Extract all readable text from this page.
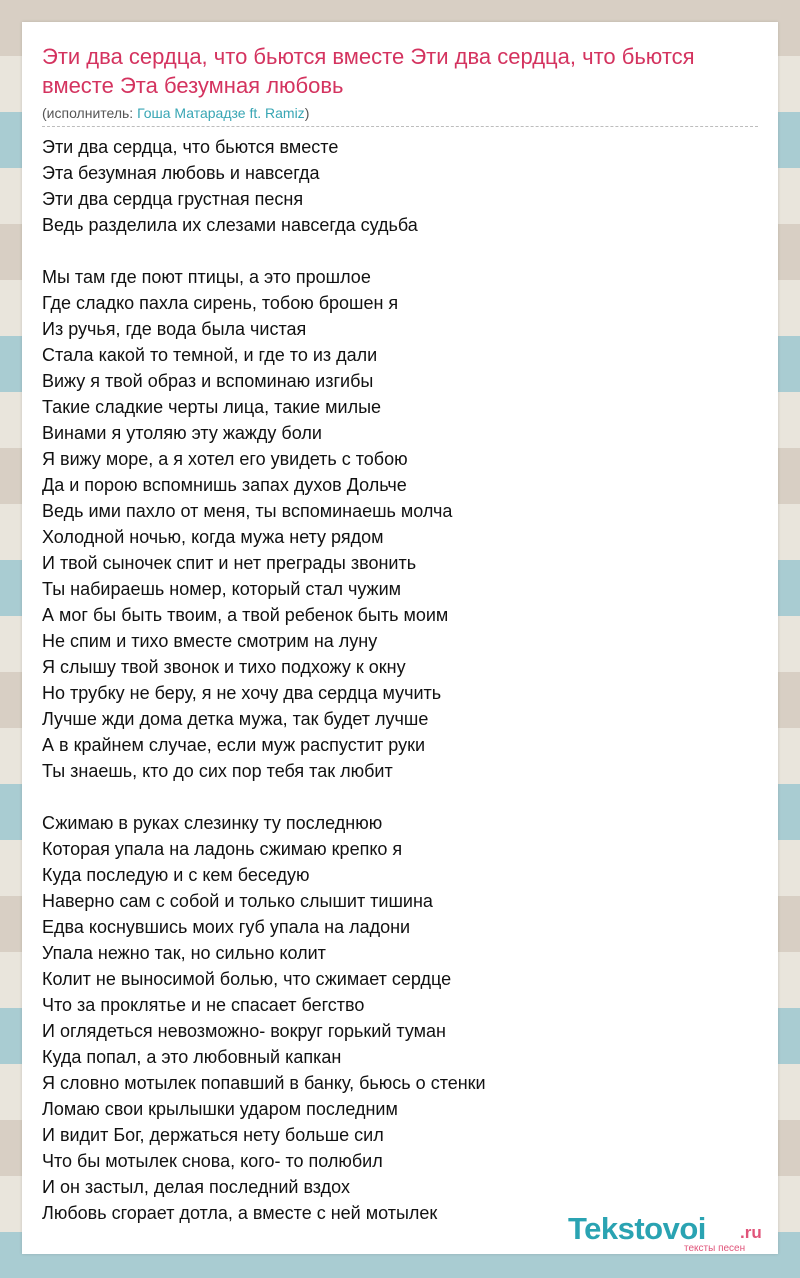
Эти два сердца, что бьются вместе Эти два сердца, что бьются вместе Эта безумная любовь
(исполнитель: Гоша Матарадзе ft. Ramiz)
Эти два сердца, что бьются вместе
Эта безумная любовь и навсегда
Эти два сердца грустная песня
Ведь разделила их слезами навсегда судьба
Мы там где поют птицы, а это прошлое
Где сладко пахла сирень, тобою брошен я
Из ручья, где вода была чистая
Стала какой то темной, и где то из дали
Вижу я твой образ и вспоминаю изгибы
Такие сладкие черты лица, такие милые
Винами я утоляю эту жажду боли
Я вижу море, а я хотел его увидеть с тобою
Да и порою вспомнишь запах духов Дольче
Ведь ими пахло от меня, ты вспоминаешь молча
Холодной ночью, когда мужа нету рядом
И твой сыночек спит и нет преграды звонить
Ты набираешь номер, который стал чужим
А мог бы быть твоим, а твой ребенок быть моим
Не спим и тихо вместе смотрим на луну
Я слышу твой звонок и тихо подхожу к окну
Но трубку не беру, я не хочу два сердца мучить
Лучше жди дома детка мужа, так будет лучше
А в крайнем случае, если муж распустит руки
Ты знаешь, кто до сих пор тебя так любит
Сжимаю в руках слезинку ту последнюю
Которая упала на ладонь сжимаю крепко я
Куда последую и с кем беседую
Наверно сам с собой и только слышит тишина
Едва коснувшись моих губ упала на ладони
Упала нежно так, но сильно колит
Колит не выносимой болью, что сжимает сердце
Что за проклятье и не спасает бегство
И оглядеться невозможно- вокруг горький туман
Куда попал, а это любовный капкан
Я словно мотылек попавший в банку, бьюсь о стенки
Ломаю свои крылышки ударом последним
И видит Бог, держаться нету больше сил
Что бы мотылек снова, кого- то полюбил
И он застыл, делая последний вздох
Любовь сгорает дотла, а вместе с ней мотылек	Tekstovoi .ru
тексты песен
